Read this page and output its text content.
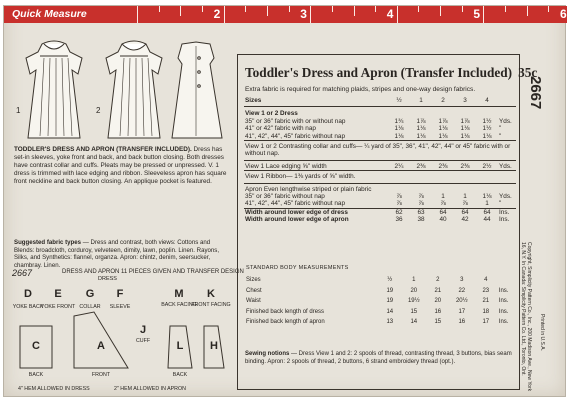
Quick Measure	2	3	4	5	6
1	2
TODDLER'S DRESS AND APRON (TRANSFER INCLUDED). Dress has set-in sleeves, yoke front and back, and back button closing. Both dresses have contrast collar and cuffs. Pleats may be pressed or unpressed. V. 1 dress is trimmed with lace edging and ribbon. Sleeveless apron has square front neckline and back button closing. An applique pocket is featured.
Suggested fabric types — Dress and contrast, both views: Cottons and Blends: broadcloth, corduroy, velveteen, dimity, lawn, poplin. Linen. Rayons, Silks, and Synthetics: flannel, organza. Apron: chintz, denim, seersucker, chambray. Linen.
2667	DRESS AND APRON 11 PIECES GIVEN AND TRANSFER DESIGN
DRESS
D
YOKE BACK
E
YOKE FRONT
G
COLLAR
F
SLEEVE
M
BACK FACING
K
FRONT FACING
C
BACK
A
FRONT
J
CUFF	L
BACK
H
4" HEM ALLOWED IN DRESS	2" HEM ALLOWED IN APRON
Toddler's Dress and Apron (Transfer Included) 35c
Extra fabric is required for matching plaids, stripes and one-way design fabrics.
Sizes	½	1	2	3	4	
View 1 or 2 Dress						
35" or 36" fabric with or without nap	1¾	1⅞	1⅞	1⅞	1½	Yds.
41" or 42" fabric with nap	1⅛	1⅛	1⅛	1⅛	1½	"
41", 42", 44", 45" fabric without nap	1⅛	1⅛	1⅛	1⅛	1⅛	"
View 1 or 2 Contrasting collar and cuffs— ¼ yard of 35", 36", 41", 42", 44" or 45" fabric with or without nap.						
View 1 Lace edging ⅝" width	2¼	2⅜	2⅜	2⅜	2½	Yds.
View 1 Ribbon— 1⅜ yards of ⅝" width.						
Apron Even lengthwise striped or plain fabric						
35" or 36" fabric without nap	⅞	⅞	1	1	1⅛	Yds.
41", 42", 44", 45" fabric without nap	⅞	⅞	⅞	⅞	1	"
Width around lower edge of dress	62	63	64	64	64	Ins.
Width around lower edge of apron	36	38	40	42	44	Ins.
STANDARD BODY MEASUREMENTS
Sizes	½	1	2	3	4	
Chest	19	20	21	22	23	Ins.
Waist	19	19½	20	20½	21	Ins.
Finished back length of dress	14	15	16	17	18	Ins.
Finished back length of apron	13	14	15	16	17	Ins.
Sewing notions — Dress View 1 and 2: 2 spools of thread, contrasting thread, 3 buttons, bias seam binding. Apron: 2 spools of thread, 2 buttons, 6 strand embroidery thread (opt.).
2667
Copyright, Simplicity Pattern Co., Inc., 200 Madison Ave., New York 16, N.Y. In Canada: Simplicity Pattern Co. Ltd., Toronto, Ont.	Printed in U.S.A.
